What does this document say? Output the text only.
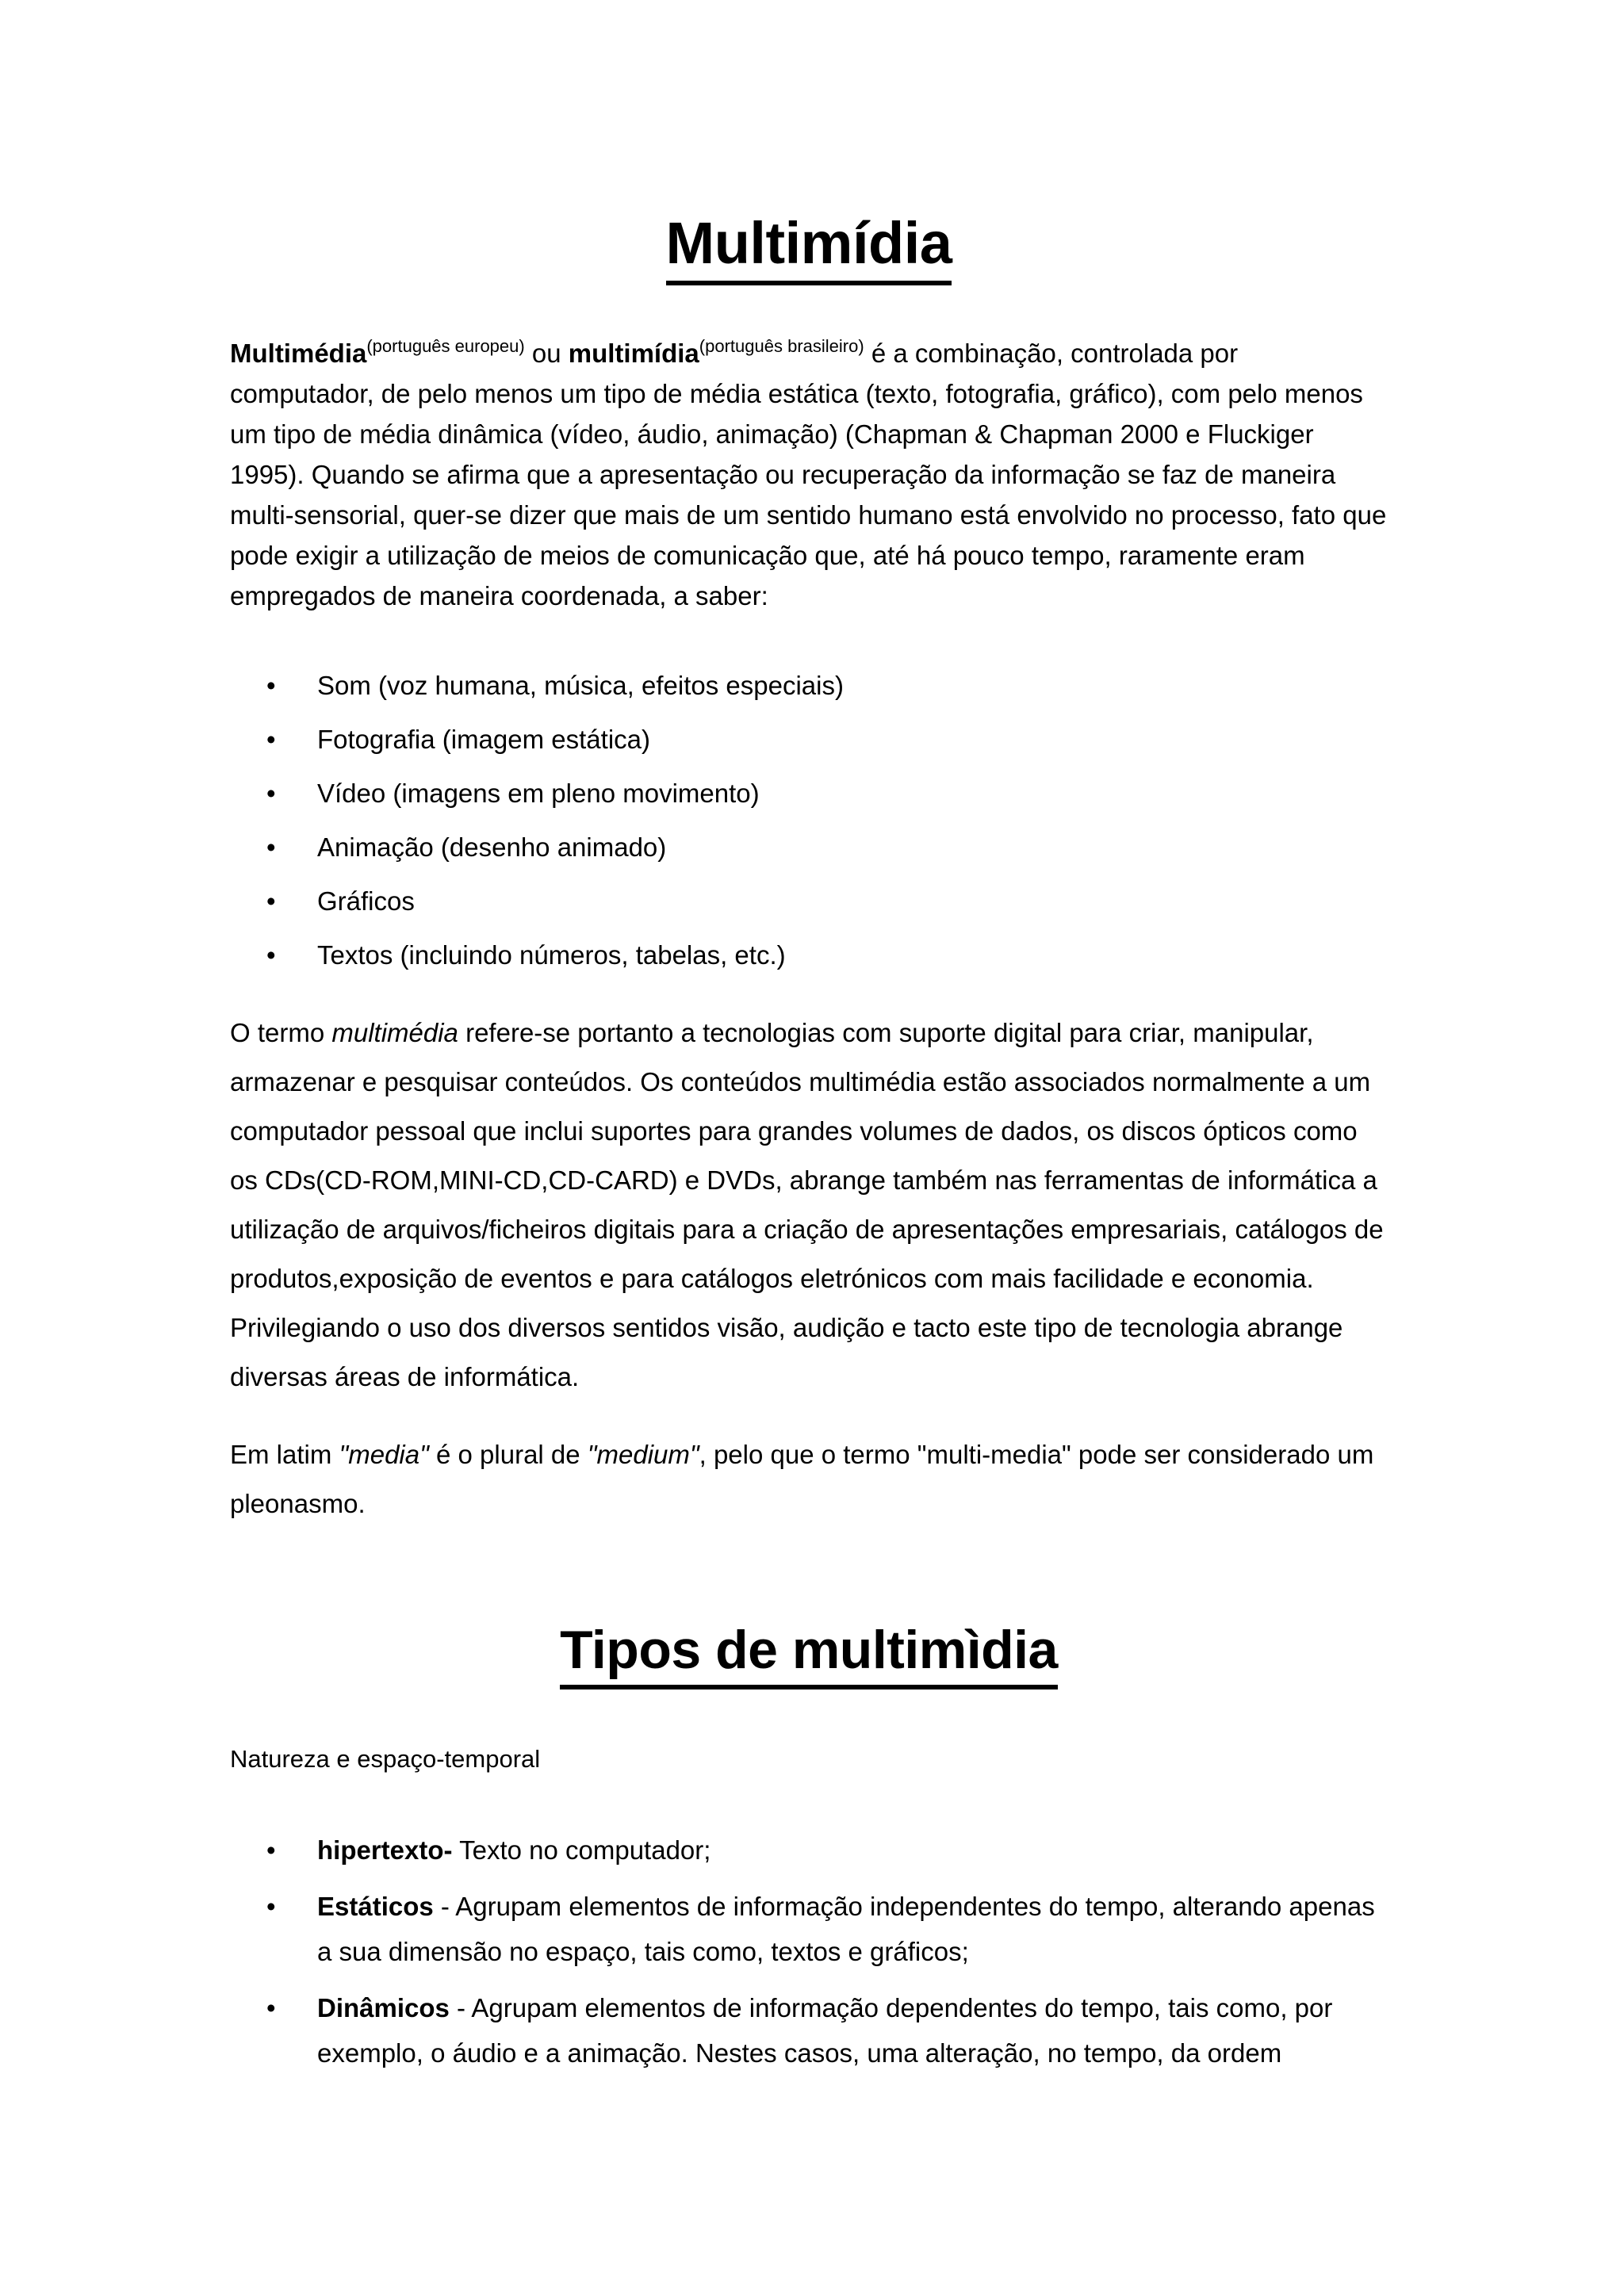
Multimídia

Multimédia$^{(português europeu)}$ ou multimídia$^{(português brasileiro)}$ é a combinação, controlada por computador, de pelo menos um tipo de média estática (texto, fotografia, gráfico), com pelo menos um tipo de média dinâmica (vídeo, áudio, animação) (Chapman & Chapman 2000 e Fluckiger 1995). Quando se afirma que a apresentação ou recuperação da informação se faz de maneira multi-sensorial, quer-se dizer que mais de um sentido humano está envolvido no processo, fato que pode exigir a utilização de meios de comunicação que, até há pouco tempo, raramente eram empregados de maneira coordenada, a saber:

• Som (voz humana, música, efeitos especiais)
• Fotografia (imagem estática)
• Vídeo (imagens em pleno movimento)
• Animação (desenho animado)
• Gráficos
• Textos (incluindo números, tabelas, etc.)

O termo multimédia refere-se portanto a tecnologias com suporte digital para criar, manipular, armazenar e pesquisar conteúdos. Os conteúdos multimédia estão associados normalmente a um computador pessoal que inclui suportes para grandes volumes de dados, os discos ópticos como os CDs(CD-ROM,MINI-CD,CD-CARD) e DVDs, abrange também nas ferramentas de informática a utilização de arquivos/ficheiros digitais para a criação de apresentações empresariais, catálogos de produtos,exposição de eventos e para catálogos eletrónicos com mais facilidade e economia. Privilegiando o uso dos diversos sentidos visão, audição e tacto este tipo de tecnologia abrange diversas áreas de informática.

Em latim "media" é o plural de "medium", pelo que o termo "multi-media" pode ser considerado um pleonasmo.

Tipos de multimìdia

Natureza e espaço-temporal

• hipertexto- Texto no computador;
• Estáticos - Agrupam elementos de informação independentes do tempo, alterando apenas a sua dimensão no espaço, tais como, textos e gráficos;
• Dinâmicos - Agrupam elementos de informação dependentes do tempo, tais como, por exemplo, o áudio e a animação. Nestes casos, uma alteração, no tempo, da ordem
